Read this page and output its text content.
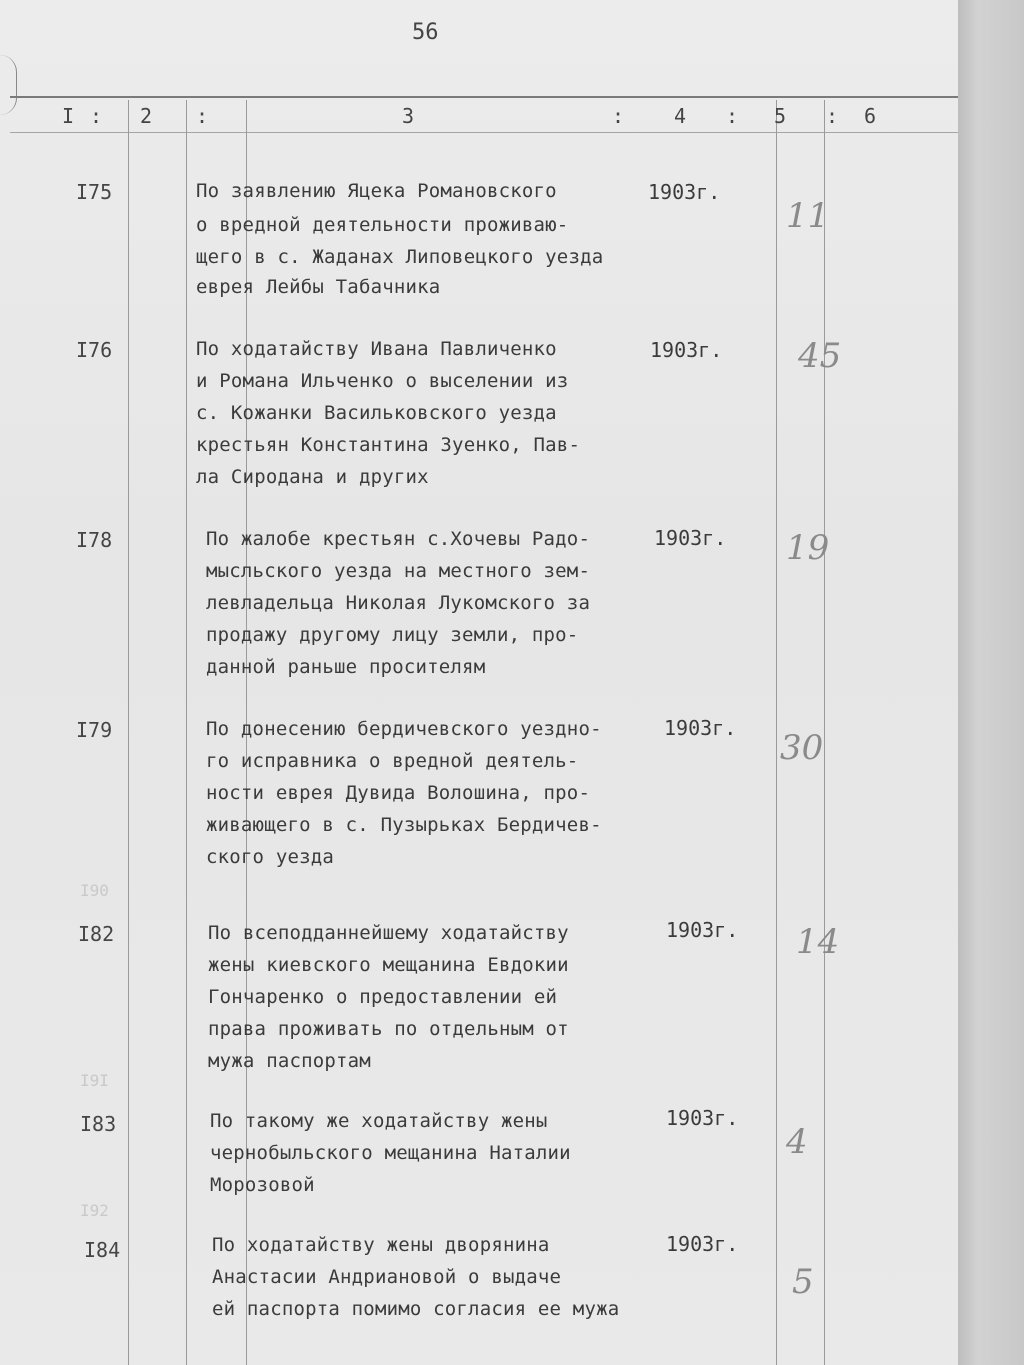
56
I : 2 :	3	: 4 : 5 : 6
I75	По заявлению Яцека Романовского
о вредной деятельности проживаю-
щего в с. Жаданах Липовецкого уезда
еврея Лейбы Табачника
1903г.
11
I76	По ходатайству Ивана Павличенко
и Романа Ильченко о выселении из
с. Кожанки Васильковского уезда
крестьян Константина Зуенко, Пав-
ла Сиродана и других
1903г. 45
I78	По жалобе крестьян с.Хочевы Радо-
мысльского уезда на местного зем-
левладельца Николая Лукомского за
продажу другому лицу земли, про-
данной раньше просителям
1903г. 19
I79	По донесению бердичевского уездно-
го исправника о вредной деятель-
ности еврея Дувида Волошина, про-
живающего в с. Пузырьках Бердичев-
ского уезда
1903г. 30
I90
I9I
I92
I82	По всеподданнейшему ходатайству
жены киевского мещанина Евдокии
Гончаренко о предоставлении ей
права проживать по отдельным от
мужа паспортам
1903г. 14
I83	По такому же ходатайству жены
чернобыльского мещанина Наталии
Морозовой
1903г.
4
I84	По ходатайству жены дворянина
Анастасии Андриановой о выдаче
ей паспорта помимо согласия ее мужа
1903г.
5
